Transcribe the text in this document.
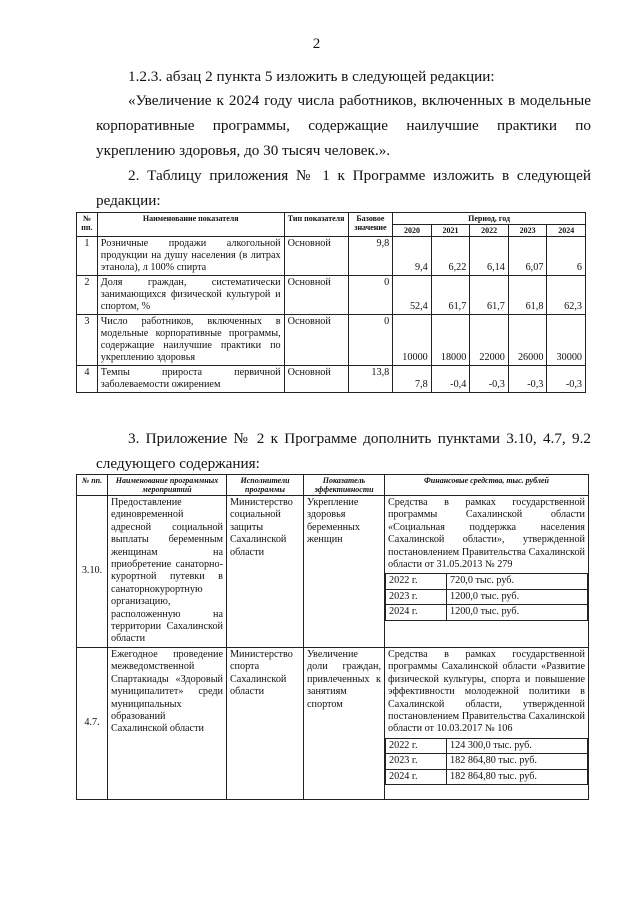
2
1.2.3. абзац 2 пункта 5 изложить в следующей редакции:
«Увеличение к 2024 году числа работников, включенных в модельные корпоративные программы, содержащие наилучшие практики по укреплению здоровья, до 30 тысяч человек.».
2. Таблицу приложения № 1 к Программе изложить в следующей редакции:
№ пп.	Наименование показателя	Тип показателя	Базовое значение	Период, год				
				2020	2021	2022	2023	2024
1	Розничные продажи алкогольной продукции на душу населения (в литрах этанола), л 100% спирта	Основной	9,8	9,4	6,22	6,14	6,07	6
2	Доля граждан, систематически занимающихся физической культурой и спортом, %	Основной	0	52,4	61,7	61,7	61,8	62,3
3	Число работников, включенных в модельные корпоративные программы, содержащие наилучшие практики по укреплению здоровья	Основной	0	10000	18000	22000	26000	30000
4	Темпы прироста первичной заболеваемости ожирением	Основной	13,8	7,8	-0,4	-0,3	-0,3	-0,3
3. Приложение № 2 к Программе дополнить пунктами 3.10, 4.7, 9.2 следующего содержания:
№ пп.	Наименование программных мероприятий	Исполнители программы	Показатель эффективности	Финансовые средства, тыс. рублей
3.10.	Предоставление единовременной адресной социальной выплаты беременным женщинам на приобретение санаторно-курортной путевки в санаторнокурортную организацию, расположенную на территории Сахалинской области	Министерство социальной защиты Сахалинской области	Укрепление здоровья беременных женщин	
Средства в рамках государственной программы Сахалинской области «Социальная поддержка населения Сахалинской области», утвержденной постановлением Правительства Сахалинской области от 31.05.2013 № 279
2022 г.	720,0 тыс. руб.
2023 г.	1200,0 тыс. руб.
2024 г.	1200,0 тыс. руб.

4.7.	Ежегодное проведение межведомственной Спартакиады «Здоровый муниципалитет» среди муниципальных образований Сахалинской области	Министерство спорта Сахалинской области	Увеличение доли граждан, привлеченных к занятиям спортом	
Средства в рамках государственной программы Сахалинской области «Развитие физической культуры, спорта и повышение эффективности молодежной политики в Сахалинской области, утвержденной постановлением Правительства Сахалинской области от 10.03.2017 № 106
2022 г.	124 300,0 тыс. руб.
2023 г.	182 864,80 тыс. руб.
2024 г.	182 864,80 тыс. руб.
